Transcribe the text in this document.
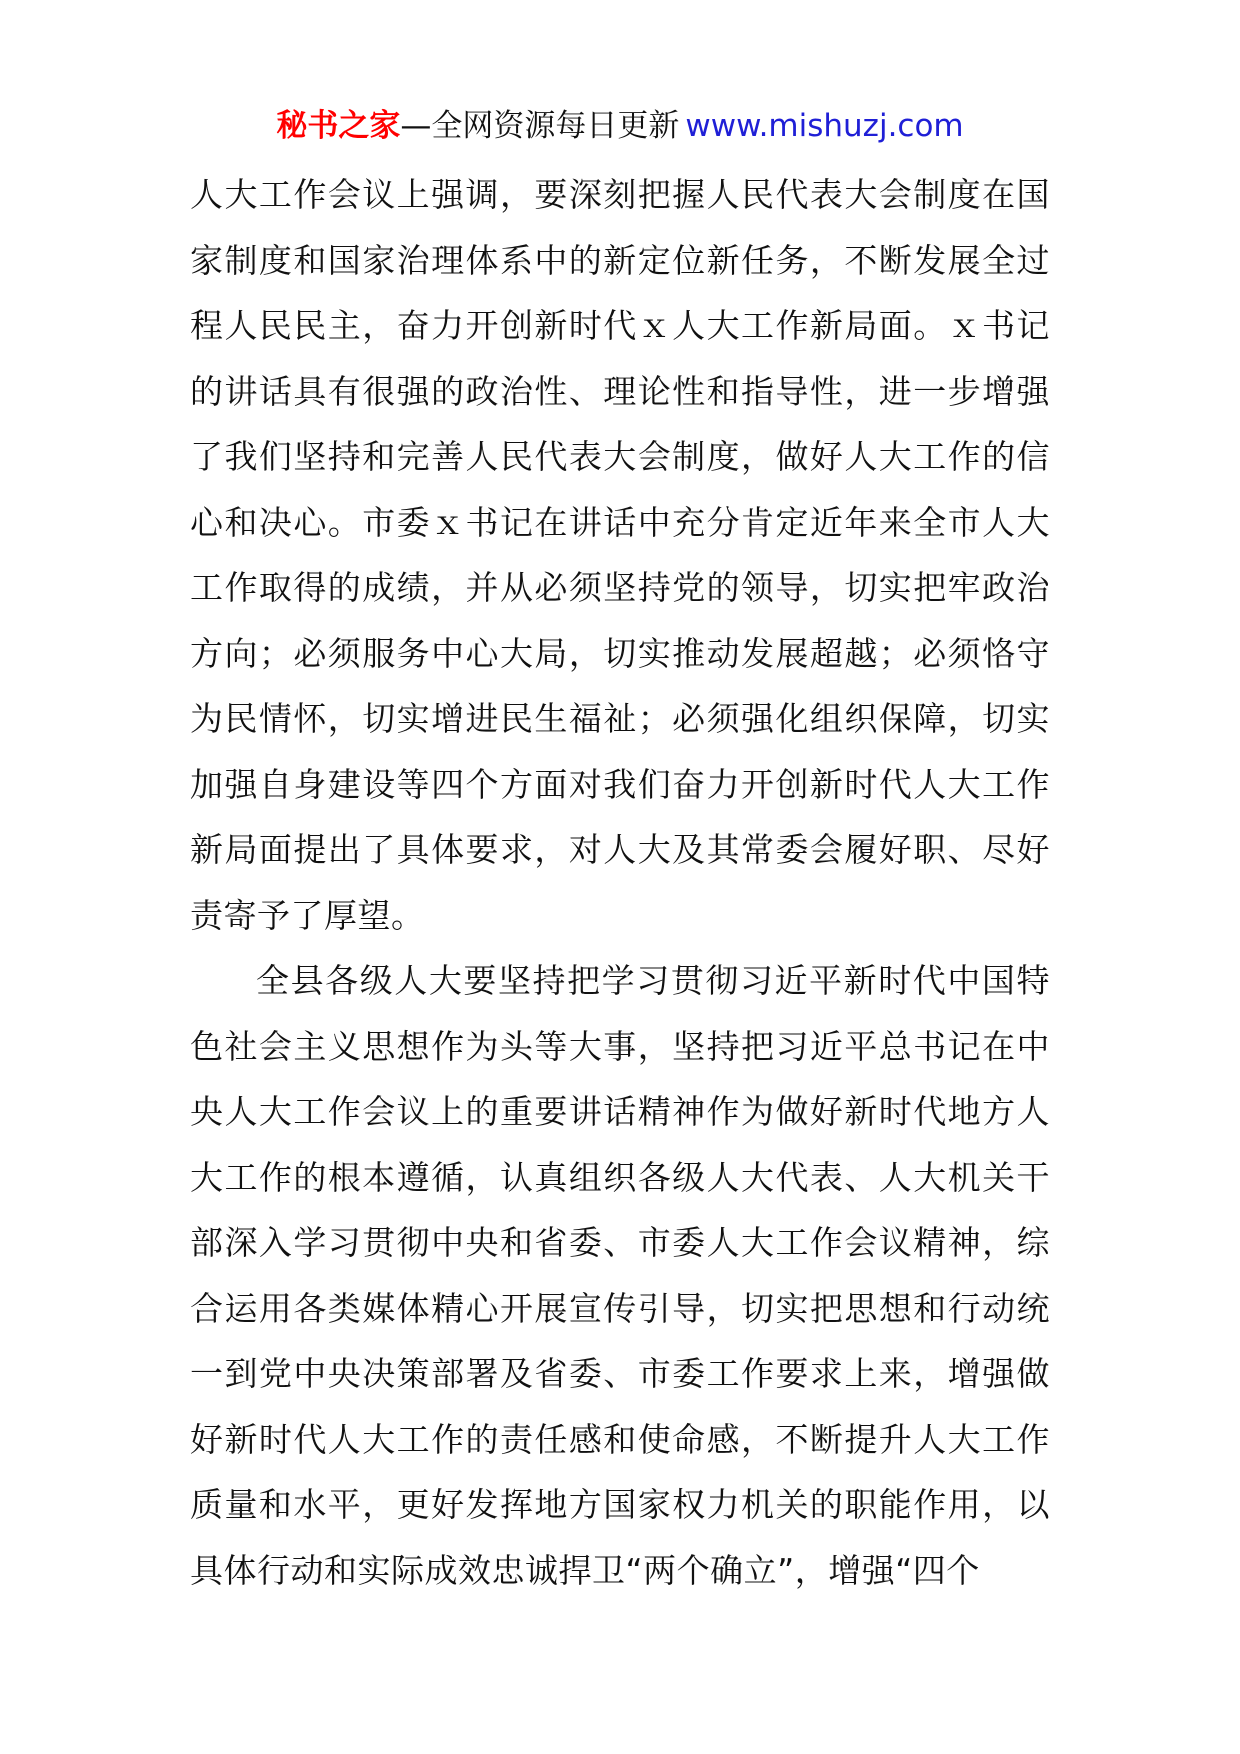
秘书之家—全网资源每日更新 www.mishuzj.com

人大工作会议上强调，要深刻把握人民代表大会制度在国家制度和国家治理体系中的新定位新任务，不断发展全过程人民民主，奋力开创新时代ｘ人大工作新局面。ｘ书记的讲话具有很强的政治性、理论性和指导性，进一步增强了我们坚持和完善人民代表大会制度，做好人大工作的信心和决心。市委ｘ书记在讲话中充分肯定近年来全市人大工作取得的成绩，并从必须坚持党的领导，切实把牢政治方向；必须服务中心大局，切实推动发展超越；必须恪守为民情怀，切实增进民生福祉；必须强化组织保障，切实加强自身建设等四个方面对我们奋力开创新时代人大工作新局面提出了具体要求，对人大及其常委会履好职、尽好责寄予了厚望。

全县各级人大要坚持把学习贯彻习近平新时代中国特色社会主义思想作为头等大事，坚持把习近平总书记在中央人大工作会议上的重要讲话精神作为做好新时代地方人大工作的根本遵循，认真组织各级人大代表、人大机关干部深入学习贯彻中央和省委、市委人大工作会议精神，综合运用各类媒体精心开展宣传引导，切实把思想和行动统一到党中央决策部署及省委、市委工作要求上来，增强做好新时代人大工作的责任感和使命感，不断提升人大工作质量和水平，更好发挥地方国家权力机关的职能作用，以具体行动和实际成效忠诚捍卫“两个确立”，增强“四个
